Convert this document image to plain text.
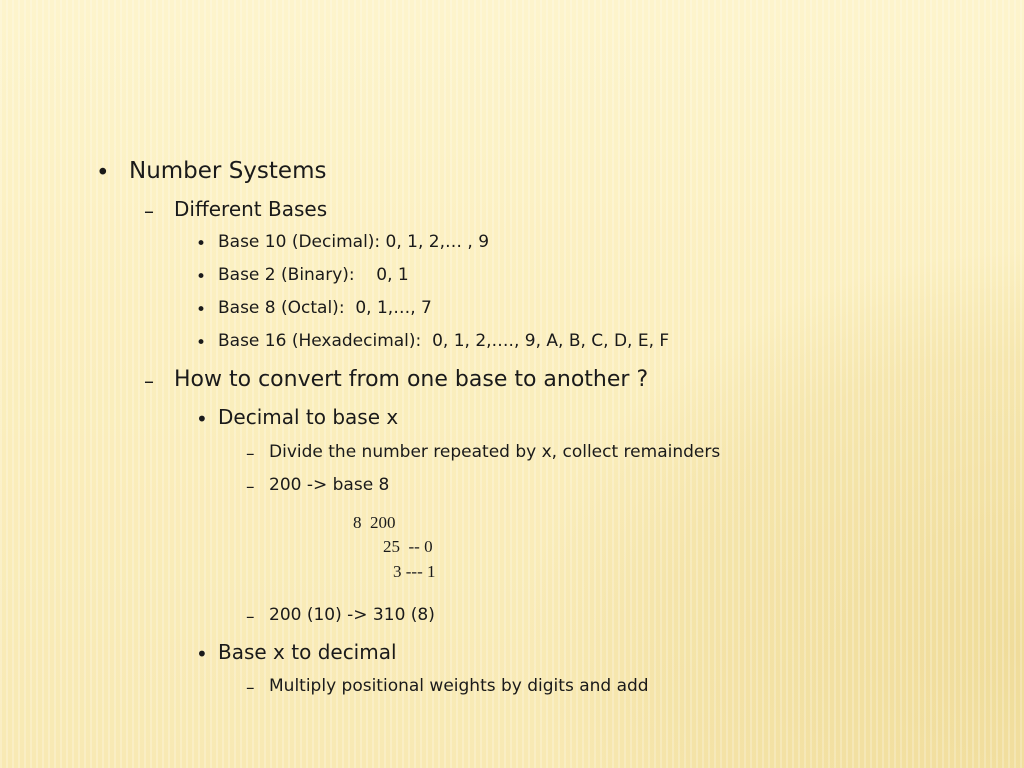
• Number Systems
– Different Bases
• Base 10 (Decimal): 0, 1, 2,… , 9
• Base 2 (Binary):    0, 1
• Base 8 (Octal):  0, 1,…, 7
• Base 16 (Hexadecimal):  0, 1, 2,…., 9, A, B, C, D, E, F
– How to convert from one base to another ?
• Decimal to base x
– Divide the number repeated by x, collect remainders
– 200 -> base 8
8  200
25  -- 0
3 --- 1
– 200 (10) -> 310 (8)
• Base x to decimal
– Multiply positional weights by digits and add
